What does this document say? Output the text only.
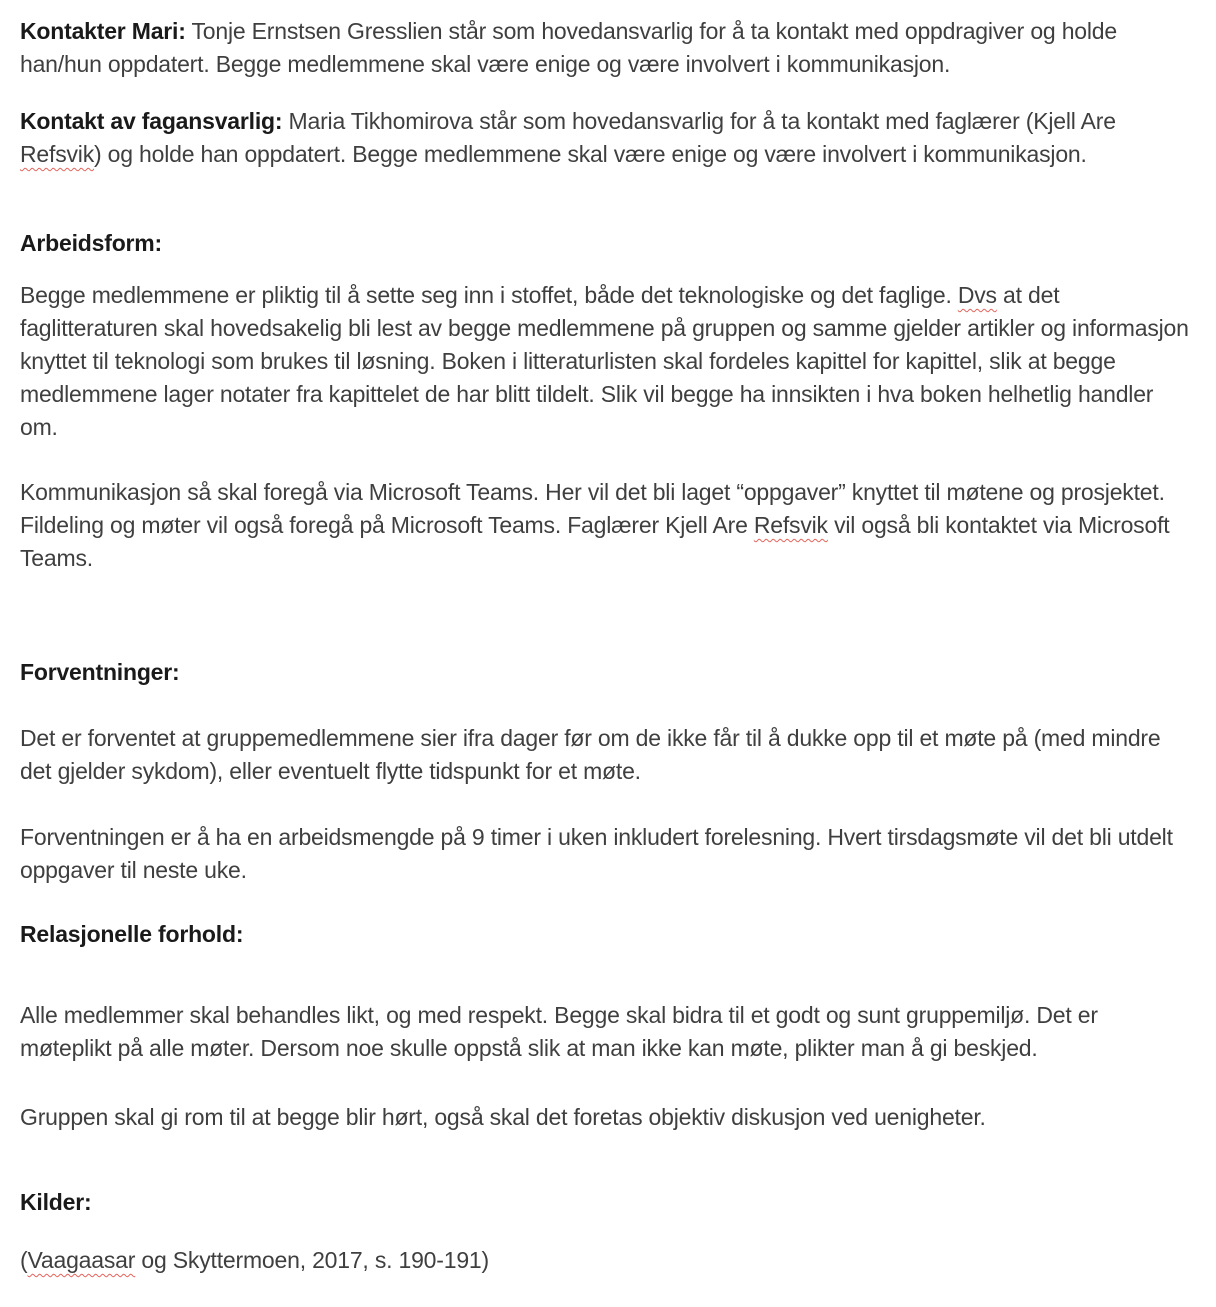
Kontakter Mari: Tonje Ernstsen Gresslien står som hovedansvarlig for å ta kontakt med oppdragiver og holde han/hun oppdatert. Begge medlemmene skal være enige og være involvert i kommunikasjon.

Kontakt av fagansvarlig: Maria Tikhomirova står som hovedansvarlig for å ta kontakt med faglærer (Kjell Are Refsvik) og holde han oppdatert. Begge medlemmene skal være enige og være involvert i kommunikasjon.

Arbeidsform:

Begge medlemmene er pliktig til å sette seg inn i stoffet, både det teknologiske og det faglige. Dvs at det faglitteraturen skal hovedsakelig bli lest av begge medlemmene på gruppen og samme gjelder artikler og informasjon knyttet til teknologi som brukes til løsning. Boken i litteraturlisten skal fordeles kapittel for kapittel, slik at begge medlemmene lager notater fra kapittelet de har blitt tildelt. Slik vil begge ha innsikten i hva boken helhetlig handler om.

Kommunikasjon så skal foregå via Microsoft Teams. Her vil det bli laget “oppgaver” knyttet til møtene og prosjektet. Fildeling og møter vil også foregå på Microsoft Teams. Faglærer Kjell Are Refsvik vil også bli kontaktet via Microsoft Teams.

Forventninger:

Det er forventet at gruppemedlemmene sier ifra dager før om de ikke får til å dukke opp til et møte på (med mindre det gjelder sykdom), eller eventuelt flytte tidspunkt for et møte.

Forventningen er å ha en arbeidsmengde på 9 timer i uken inkludert forelesning. Hvert tirsdagsmøte vil det bli utdelt oppgaver til neste uke.

Relasjonelle forhold:

Alle medlemmer skal behandles likt, og med respekt. Begge skal bidra til et godt og sunt gruppemiljø. Det er møteplikt på alle møter. Dersom noe skulle oppstå slik at man ikke kan møte, plikter man å gi beskjed.

Gruppen skal gi rom til at begge blir hørt, også skal det foretas objektiv diskusjon ved uenigheter.

Kilder:

(Vaagaasar og Skyttermoen, 2017, s. 190-191)
